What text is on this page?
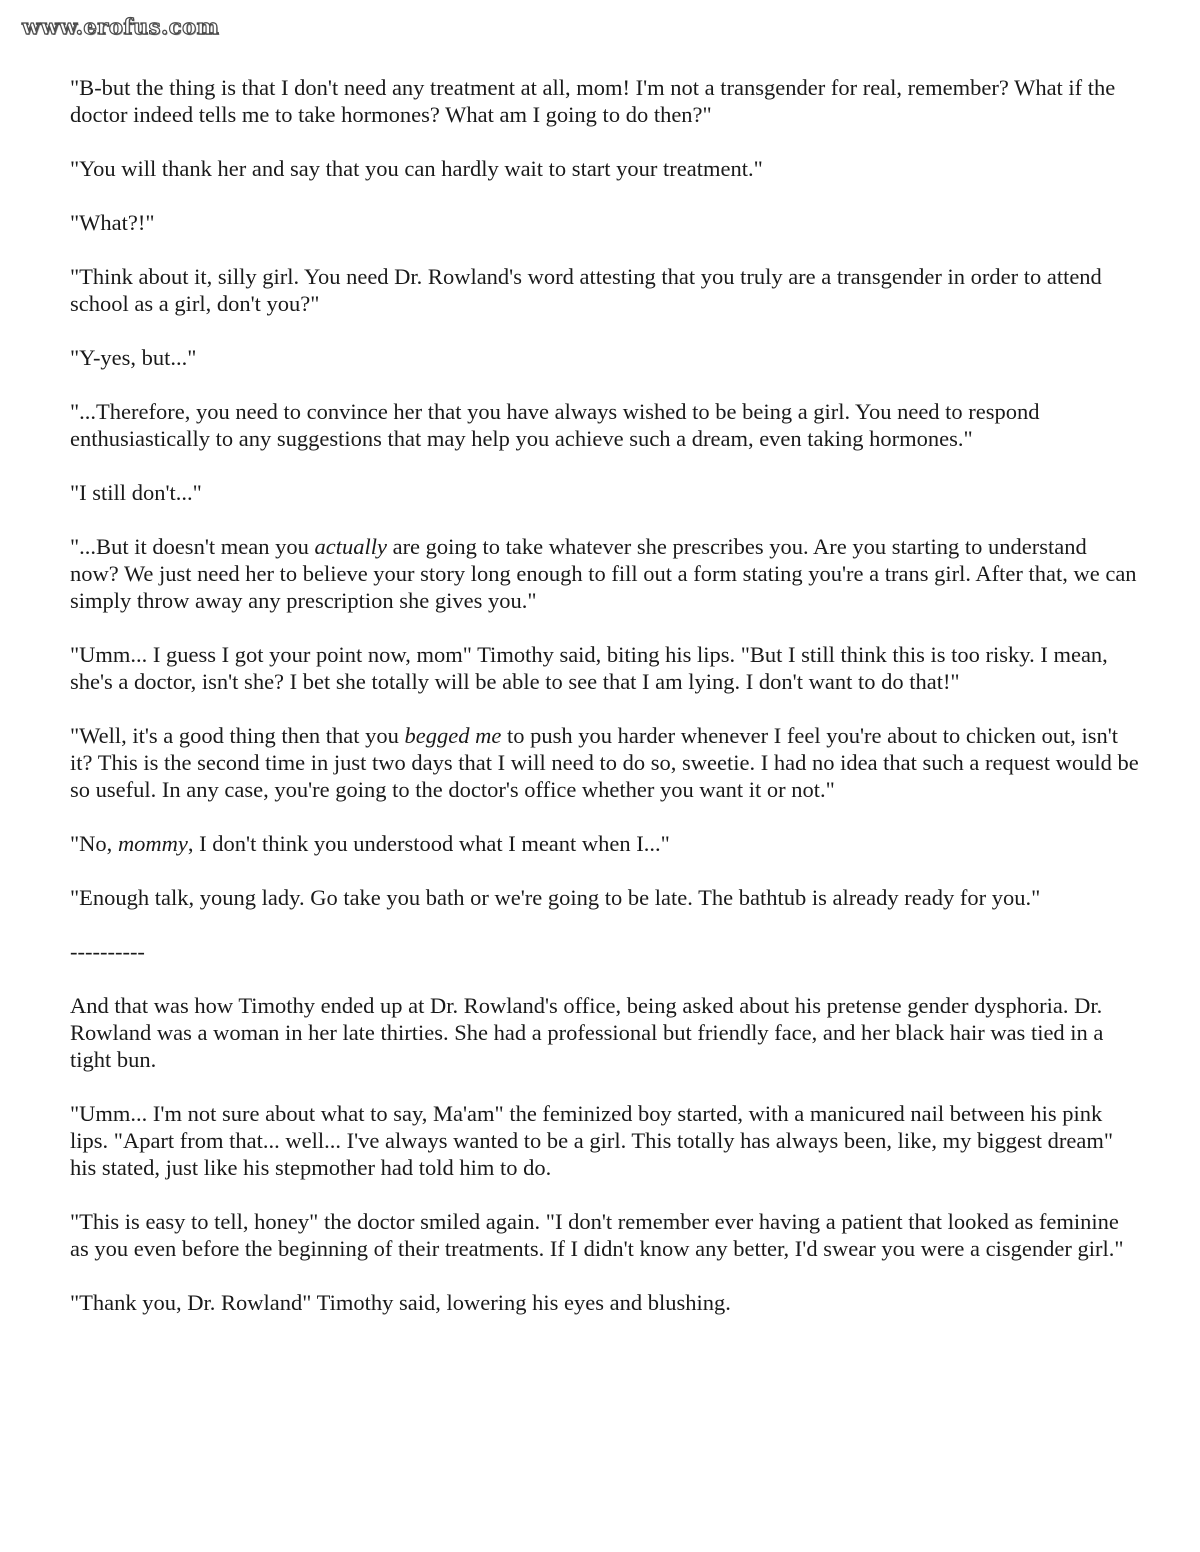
www.erofus.com

"B-but the thing is that I don't need any treatment at all, mom! I'm not a transgender for real, remember? What if the doctor indeed tells me to take hormones? What am I going to do then?"

"You will thank her and say that you can hardly wait to start your treatment."

"What?!"

"Think about it, silly girl. You need Dr. Rowland's word attesting that you truly are a transgender in order to attend school as a girl, don't you?"

"Y-yes, but..."

"...Therefore, you need to convince her that you have always wished to be being a girl. You need to respond enthusiastically to any suggestions that may help you achieve such a dream, even taking hormones."

"I still don't..."

"...But it doesn't mean you actually are going to take whatever she prescribes you. Are you starting to understand now? We just need her to believe your story long enough to fill out a form stating you're a trans girl. After that, we can simply throw away any prescription she gives you."

"Umm... I guess I got your point now, mom" Timothy said, biting his lips. "But I still think this is too risky. I mean, she's a doctor, isn't she? I bet she totally will be able to see that I am lying. I don't want to do that!"

"Well, it's a good thing then that you begged me to push you harder whenever I feel you're about to chicken out, isn't it? This is the second time in just two days that I will need to do so, sweetie. I had no idea that such a request would be so useful. In any case, you're going to the doctor's office whether you want it or not."

"No, mommy, I don't think you understood what I meant when I..."

"Enough talk, young lady. Go take you bath or we're going to be late. The bathtub is already ready for you."

----------

And that was how Timothy ended up at Dr. Rowland's office, being asked about his pretense gender dysphoria. Dr. Rowland was a woman in her late thirties. She had a professional but friendly face, and her black hair was tied in a tight bun.

"Umm... I'm not sure about what to say, Ma'am" the feminized boy started, with a manicured nail between his pink lips. "Apart from that... well... I've always wanted to be a girl. This totally has always been, like, my biggest dream" his stated, just like his stepmother had told him to do.

"This is easy to tell, honey" the doctor smiled again. "I don't remember ever having a patient that looked as feminine as you even before the beginning of their treatments. If I didn't know any better, I'd swear you were a cisgender girl."

"Thank you, Dr. Rowland" Timothy said, lowering his eyes and blushing.
